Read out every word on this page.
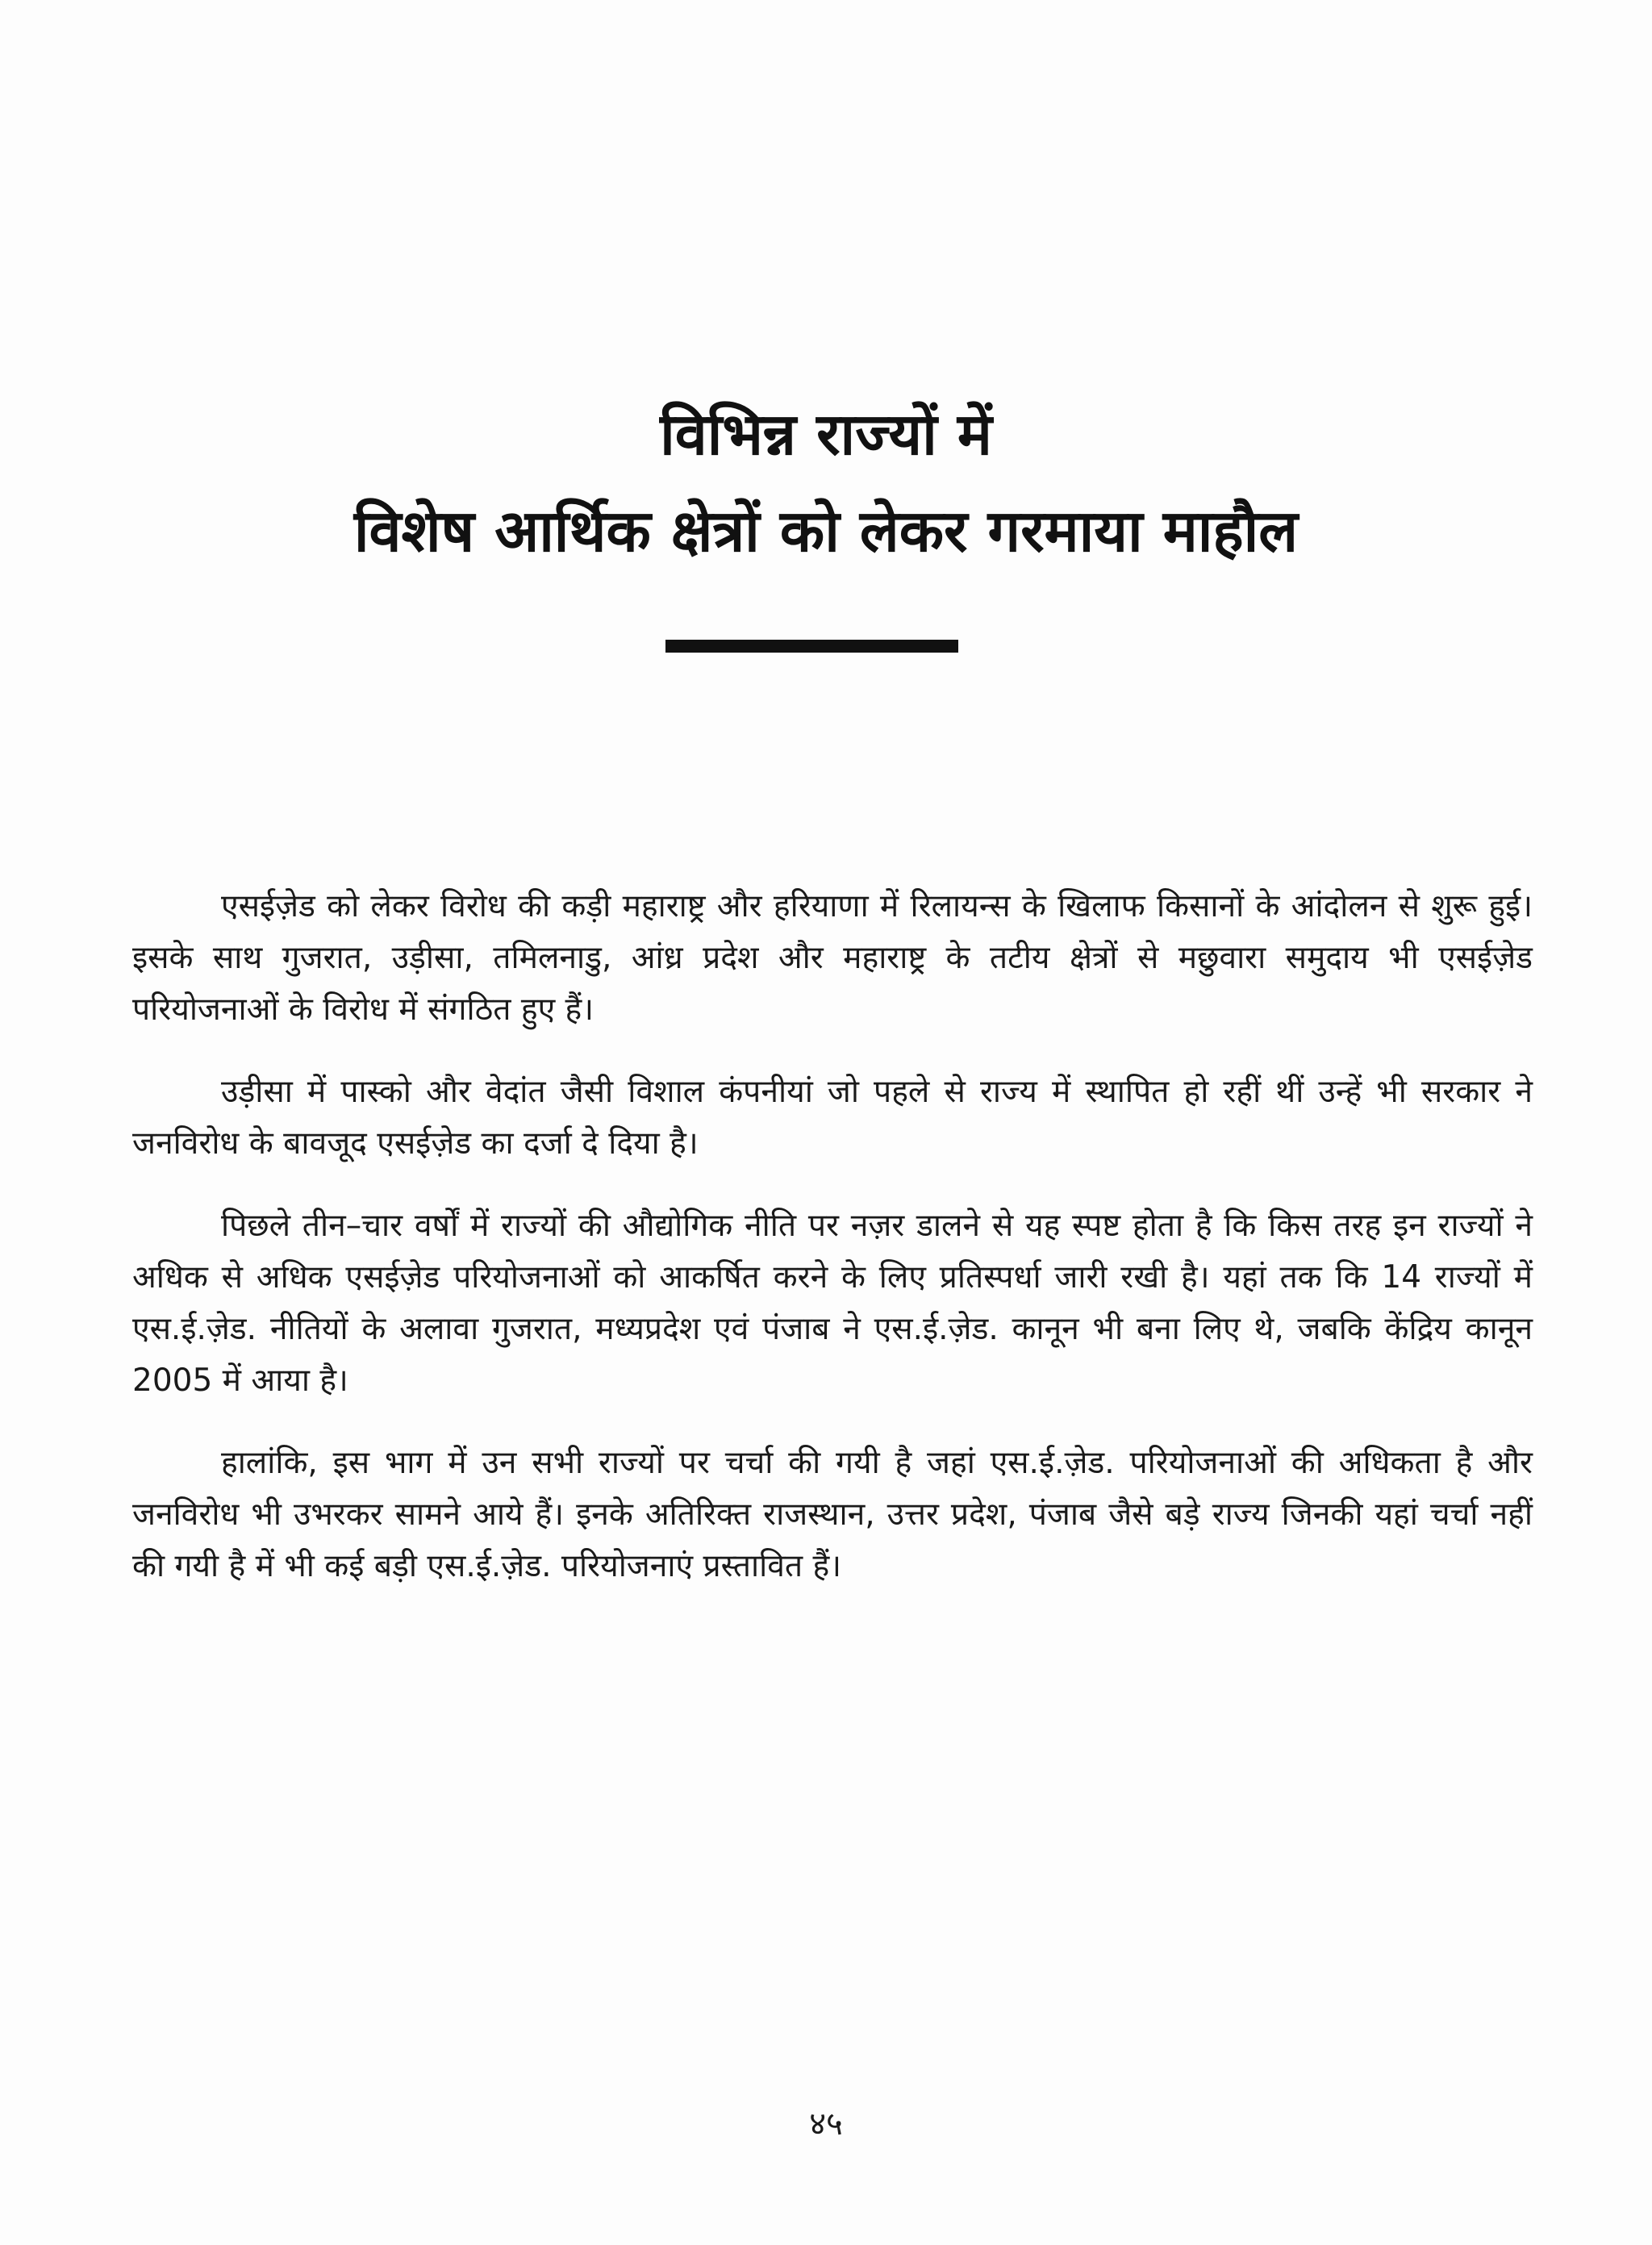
विभिन्न राज्यों में
विशेष आर्थिक क्षेत्रों को लेकर गरमाया माहौल

एसईज़ेड को लेकर विरोध की कड़ी महाराष्ट्र और हरियाणा में रिलायन्स के खिलाफ किसानों के आंदोलन से शुरू हुई। इसके साथ गुजरात, उड़ीसा, तमिलनाडु, आंध्र प्रदेश और महाराष्ट्र के तटीय क्षेत्रों से मछुवारा समुदाय भी एसईज़ेड परियोजनाओं के विरोध में संगठित हुए हैं।

उड़ीसा में पास्को और वेदांत जैसी विशाल कंपनीयां जो पहले से राज्य में स्थापित हो रहीं थीं उन्हें भी सरकार ने जनविरोध के बावजूद एसईज़ेड का दर्जा दे दिया है।

पिछले तीन–चार वर्षों में राज्यों की औद्योगिक नीति पर नज़र डालने से यह स्पष्ट होता है कि किस तरह इन राज्यों ने अधिक से अधिक एसईज़ेड परियोजनाओं को आकर्षित करने के लिए प्रतिस्पर्धा जारी रखी है। यहां तक कि 14 राज्यों में एस.ई.ज़ेड. नीतियों के अलावा गुजरात, मध्यप्रदेश एवं पंजाब ने एस.ई.ज़ेड. कानून भी बना लिए थे, जबकि केंद्रिय कानून 2005 में आया है।

हालांकि, इस भाग में उन सभी राज्यों पर चर्चा की गयी है जहां एस.ई.ज़ेड. परियोजनाओं की अधिकता है और जनविरोध भी उभरकर सामने आये हैं। इनके अतिरिक्त राजस्थान, उत्तर प्रदेश, पंजाब जैसे बड़े राज्य जिनकी यहां चर्चा नहीं की गयी है में भी कई बड़ी एस.ई.ज़ेड. परियोजनाएं प्रस्तावित हैं।

४५
